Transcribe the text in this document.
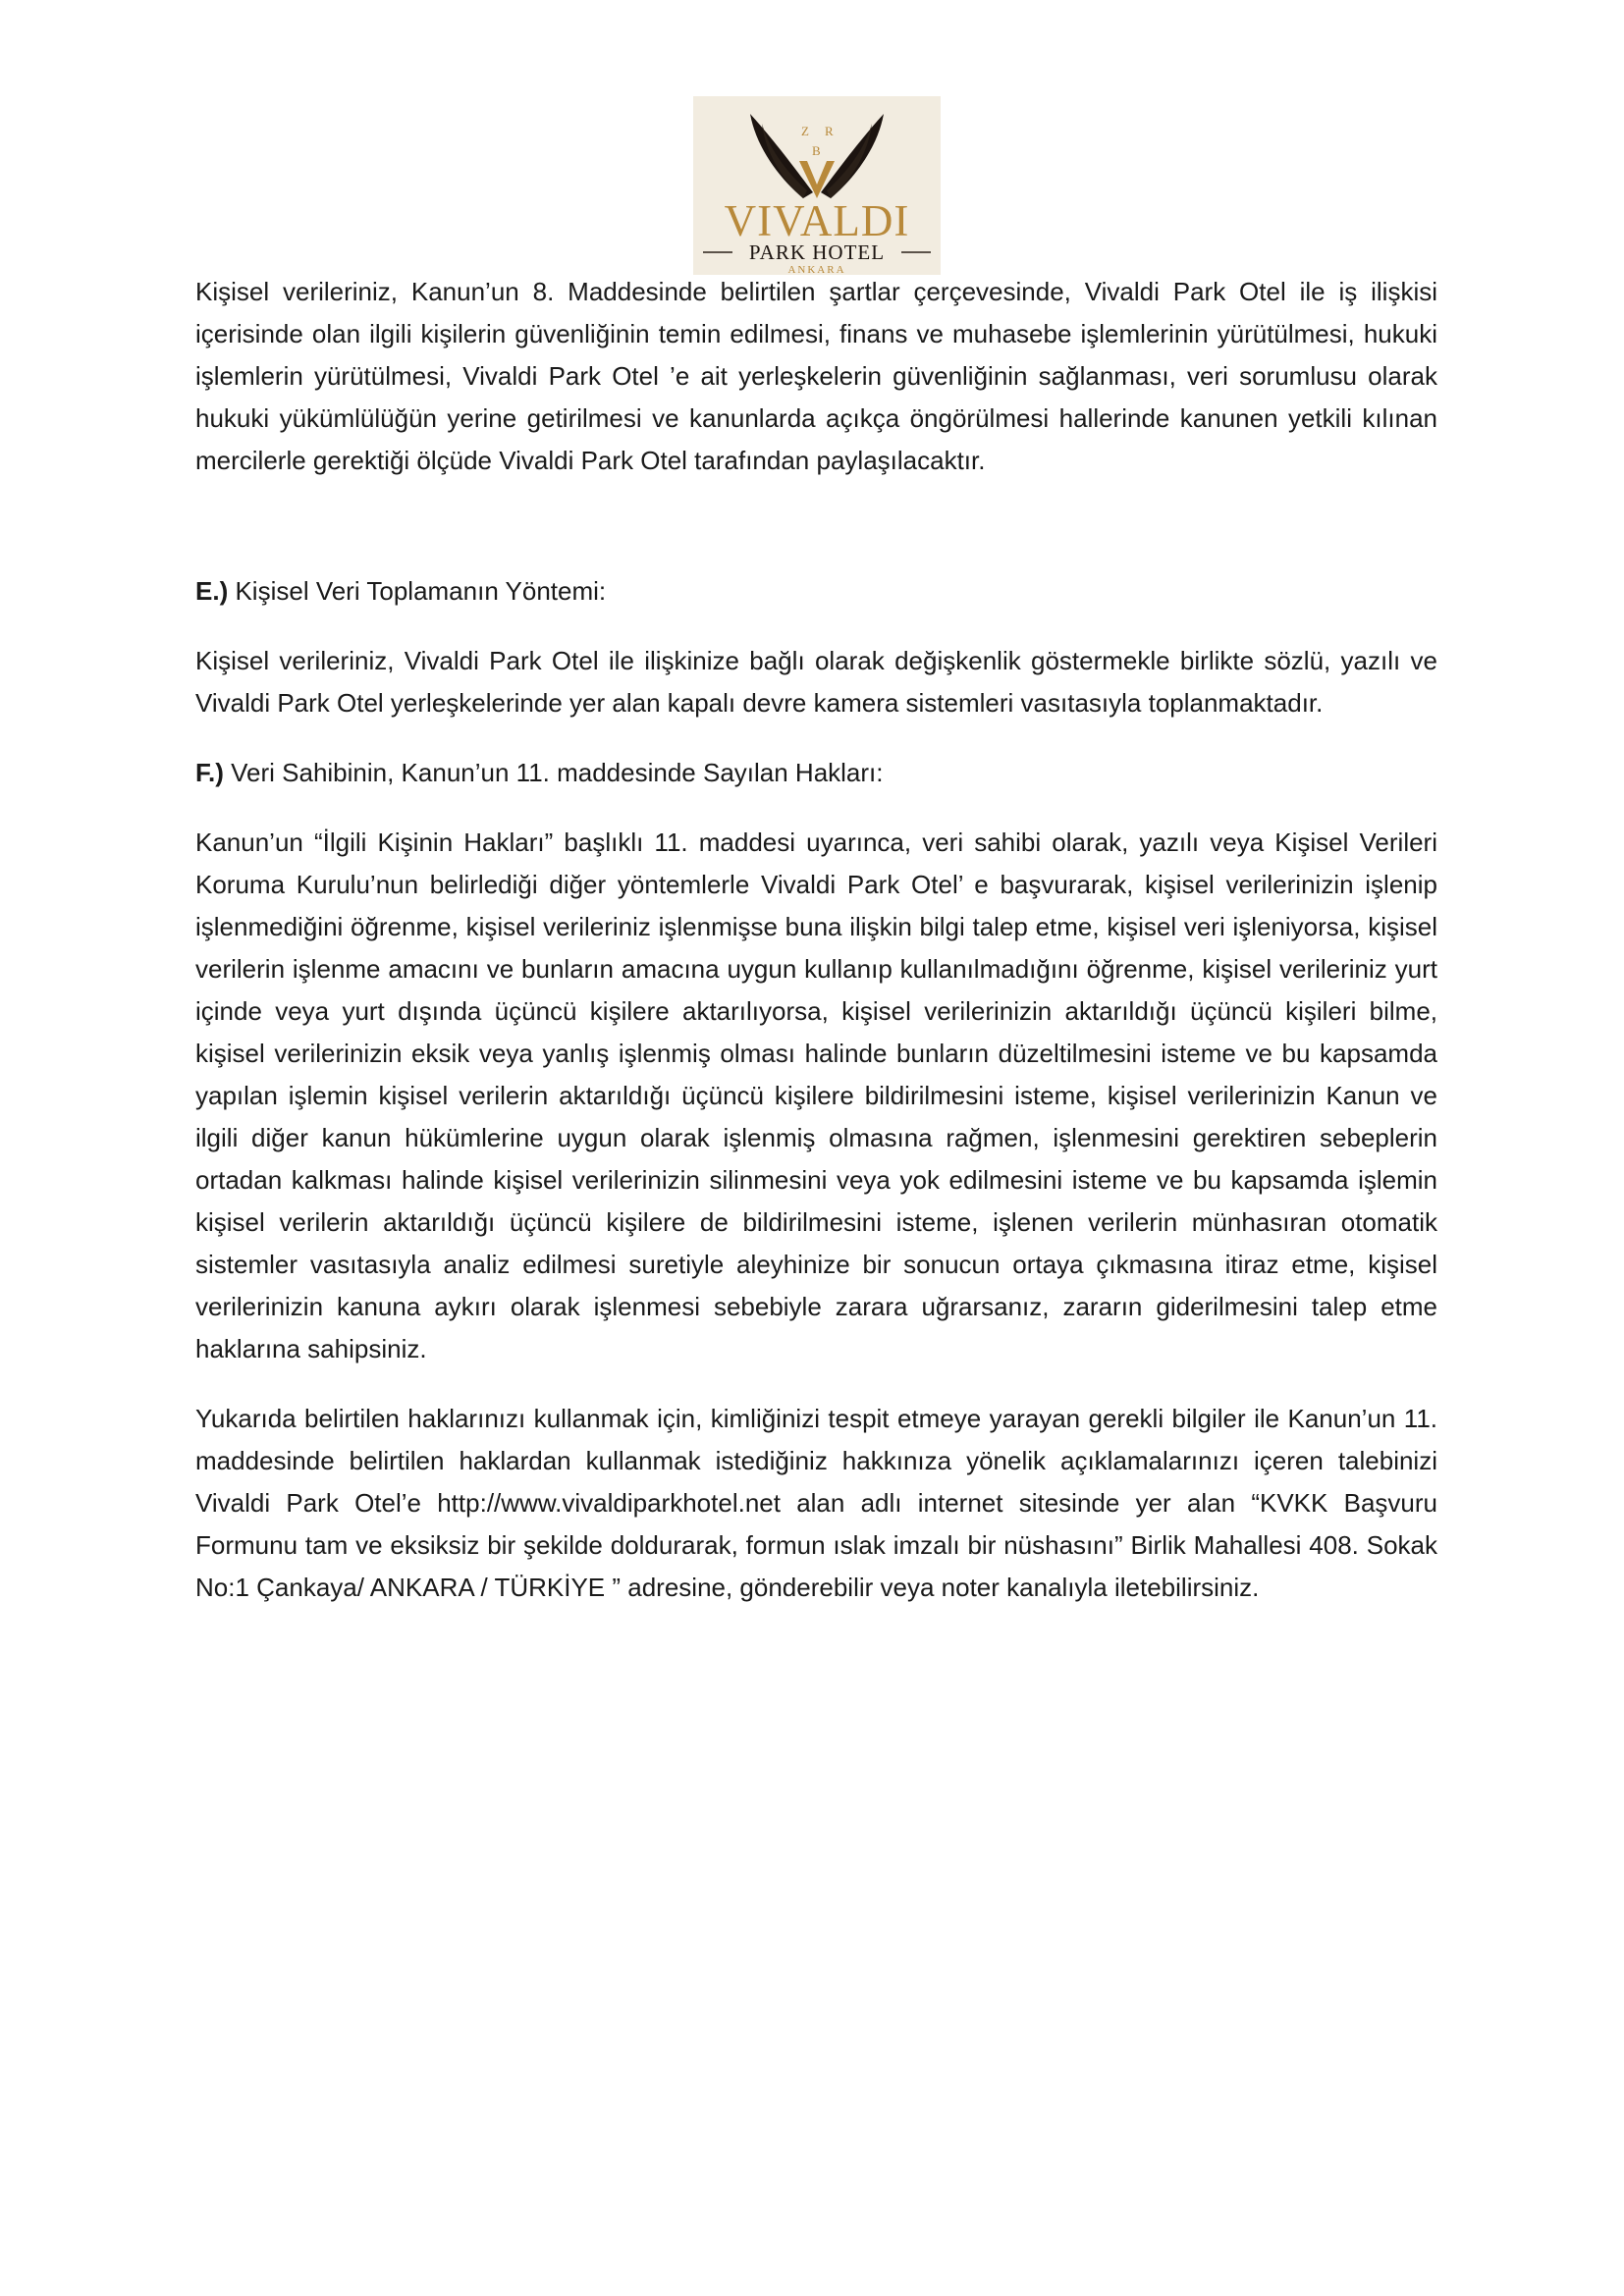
Z R
B
VIVALDI
PARK HOTEL
ANKARA

Kişisel verileriniz, Kanun’un 8. Maddesinde belirtilen şartlar çerçevesinde, Vivaldi Park Otel ile iş ilişkisi içerisinde olan ilgili kişilerin güvenliğinin temin edilmesi, finans ve muhasebe işlemlerinin yürütülmesi, hukuki işlemlerin yürütülmesi, Vivaldi Park Otel ’e ait yerleşkelerin güvenliğinin sağlanması, veri sorumlusu olarak hukuki yükümlülüğün yerine getirilmesi ve kanunlarda açıkça öngörülmesi hallerinde kanunen yetkili kılınan mercilerle gerektiği ölçüde Vivaldi Park Otel tarafından paylaşılacaktır.

E.) Kişisel Veri Toplamanın Yöntemi:

Kişisel verileriniz, Vivaldi Park Otel ile ilişkinize bağlı olarak değişkenlik göstermekle birlikte sözlü, yazılı ve Vivaldi Park Otel yerleşkelerinde yer alan kapalı devre kamera sistemleri vasıtasıyla toplanmaktadır.

F.) Veri Sahibinin, Kanun’un 11. maddesinde Sayılan Hakları:

Kanun’un “İlgili Kişinin Hakları” başlıklı 11. maddesi uyarınca, veri sahibi olarak, yazılı veya Kişisel Verileri Koruma Kurulu’nun belirlediği diğer yöntemlerle Vivaldi Park Otel’ e başvurarak, kişisel verilerinizin işlenip işlenmediğini öğrenme, kişisel verileriniz işlenmişse buna ilişkin bilgi talep etme, kişisel veri işleniyorsa, kişisel verilerin işlenme amacını ve bunların amacına uygun kullanıp kullanılmadığını öğrenme, kişisel verileriniz yurt içinde veya yurt dışında üçüncü kişilere aktarılıyorsa, kişisel verilerinizin aktarıldığı üçüncü kişileri bilme, kişisel verilerinizin eksik veya yanlış işlenmiş olması halinde bunların düzeltilmesini isteme ve bu kapsamda yapılan işlemin kişisel verilerin aktarıldığı üçüncü kişilere bildirilmesini isteme, kişisel verilerinizin Kanun ve ilgili diğer kanun hükümlerine uygun olarak işlenmiş olmasına rağmen, işlenmesini gerektiren sebeplerin ortadan kalkması halinde kişisel verilerinizin silinmesini veya yok edilmesini isteme ve bu kapsamda işlemin kişisel verilerin aktarıldığı üçüncü kişilere de bildirilmesini isteme, işlenen verilerin münhasıran otomatik sistemler vasıtasıyla analiz edilmesi suretiyle aleyhinize bir sonucun ortaya çıkmasına itiraz etme, kişisel verilerinizin kanuna aykırı olarak işlenmesi sebebiyle zarara uğrarsanız, zararın giderilmesini talep etme haklarına sahipsiniz.

Yukarıda belirtilen haklarınızı kullanmak için, kimliğinizi tespit etmeye yarayan gerekli bilgiler ile Kanun’un 11. maddesinde belirtilen haklardan kullanmak istediğiniz hakkınıza yönelik açıklamalarınızı içeren talebinizi Vivaldi Park Otel’e http://www.vivaldiparkhotel.net alan adlı internet sitesinde yer alan “KVKK Başvuru Formunu tam ve eksiksiz bir şekilde doldurarak, formun ıslak imzalı bir nüshasını” Birlik Mahallesi 408. Sokak No:1 Çankaya/ ANKARA / TÜRKİYE ” adresine, gönderebilir veya noter kanalıyla iletebilirsiniz.
